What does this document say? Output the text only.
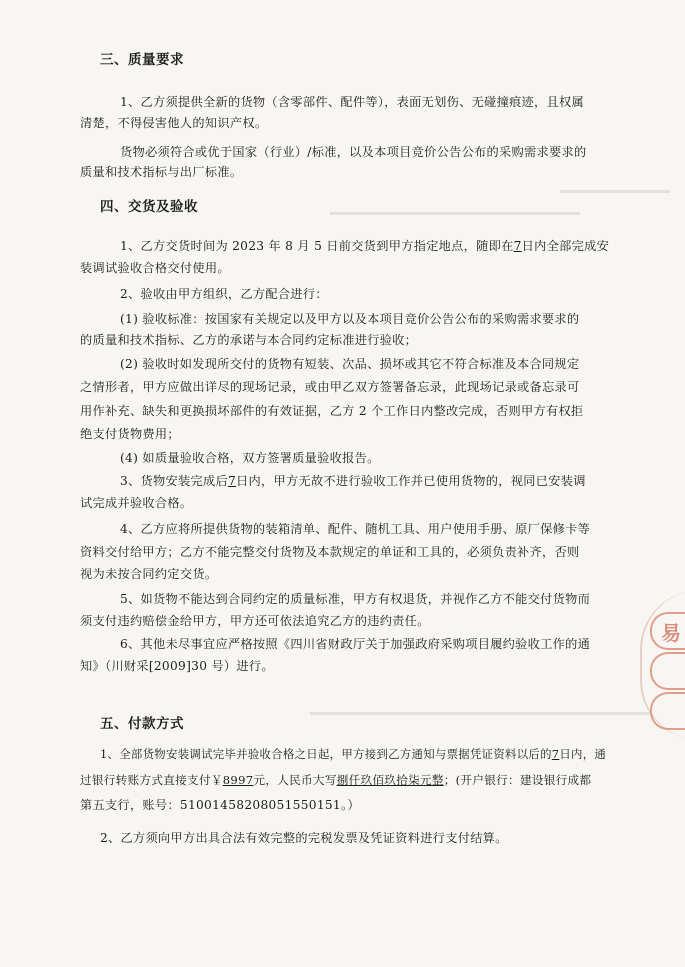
三、质量要求
1、乙方须提供全新的货物（含零部件、配件等），表面无划伤、无碰撞痕迹，且权属
清楚，不得侵害他人的知识产权。
货物必须符合或优于国家（行业）/标准，以及本项目竞价公告公布的采购需求要求的
质量和技术指标与出厂标准。
四、交货及验收
1、乙方交货时间为 2023 年 8 月 5 日前交货到甲方指定地点，随即在7日内全部完成安
装调试验收合格交付使用。
2、验收由甲方组织，乙方配合进行：
(1) 验收标准：按国家有关规定以及甲方以及本项目竞价公告公布的采购需求要求的
的质量和技术指标、乙方的承诺与本合同约定标准进行验收；
(2) 验收时如发现所交付的货物有短装、次品、损坏或其它不符合标准及本合同规定
之情形者，甲方应做出详尽的现场记录，或由甲乙双方签署备忘录，此现场记录或备忘录可
用作补充、缺失和更换损坏部件的有效证据，乙方 2 个工作日内整改完成，否则甲方有权拒
绝支付货物费用；
(4) 如质量验收合格，双方签署质量验收报告。
3、货物安装完成后7日内，甲方无故不进行验收工作并已使用货物的，视同已安装调
试完成并验收合格。
4、乙方应将所提供货物的装箱清单、配件、随机工具、用户使用手册、原厂保修卡等
资料交付给甲方；乙方不能完整交付货物及本款规定的单证和工具的，必须负责补齐，否则
视为未按合同约定交货。
5、如货物不能达到合同约定的质量标准，甲方有权退货，并视作乙方不能交付货物而
须支付违约赔偿金给甲方，甲方还可依法追究乙方的违约责任。
6、其他未尽事宜应严格按照《四川省财政厅关于加强政府采购项目履约验收工作的通
知》（川财采[2009]30 号）进行。
五、付款方式
1、全部货物安装调试完毕并验收合格之日起，甲方接到乙方通知与票据凭证资料以后的7日内，通
过银行转账方式直接支付￥8997元，人民币大写捌仟玖佰玖拾柒元整；(开户银行：建设银行成都
第五支行，账号：51001458208051550151。）
2、乙方须向甲方出具合法有效完整的完税发票及凭证资料进行支付结算。
易
